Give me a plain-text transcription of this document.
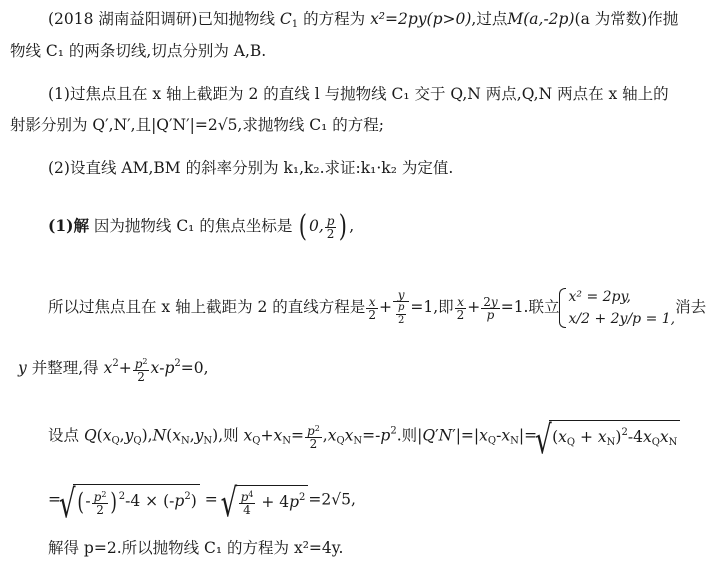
(2018 湖南益阳调研)已知抛物线 $C_1$ 的方程为 x²=2py(p>0),过点M(a,-2p)(a 为常数)作抛
物线 C₁ 的两条切线,切点分别为 A,B.
(1)过焦点且在 x 轴上截距为 2 的直线 l 与抛物线 C₁ 交于 Q,N 两点,Q,N 两点在 x 轴上的
射影分别为 Q′,N′,且|Q′N′|=2√5,求抛物线 C₁ 的方程;
(2)设直线 AM,BM 的斜率分别为 k₁,k₂.求证:k₁·k₂ 为定值.
(1)解 因为抛物线 C₁ 的焦点坐标是 ( 0, $\frac{p}{2}$ ) ,
所以过焦点且在 x 轴上截距为 2 的直线方程是 $\frac{x}{2} + \frac{y}{\frac{p}{2}} =1$,即 $\frac{x}{2} + \frac{2y}{p} =1$.联立
x² = 2py,
x/2 + 2y/p = 1,
消去
y 并整理,得 $x^2+ \frac{p^2}{2} x-p^2=0$,
设点 $Q(x_Q,y_Q),N(x_N,y_N)$,则 $x_Q+x_N= \frac{p^2}{2} ,x_Qx_N=-p^2$.则$|Q'N'|=|x_Q-x_N|=√$ $(x_Q + x_N)^2-4x_Qx_N$
=√ (- $\frac{p^2}{2} )^2-4 \times (-p^2)$ =
√ $\frac{p^4}{4} + 4p^2 =2√5$,
解得 p=2.所以抛物线 C₁ 的方程为 x²=4y.
